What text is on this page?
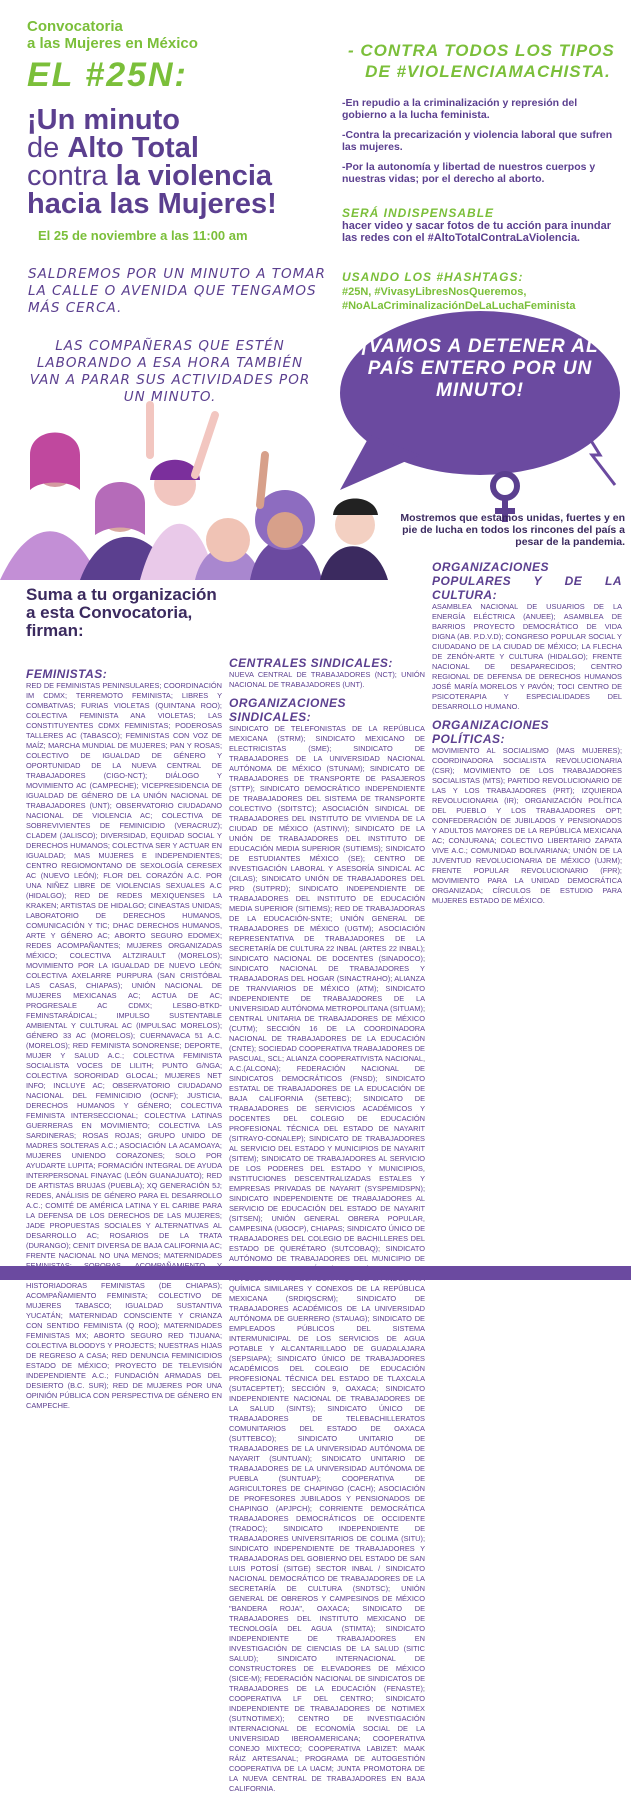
Convocatoria
a las Mujeres en México
EL #25N:
¡Un minuto
de Alto Total
contra la violencia
hacia las Mujeres!
El 25 de noviembre a las 11:00 am
- CONTRA TODOS LOS TIPOS
DE #VIOLENCIAMACHISTA.

-En repudio a la criminalización y represión del gobierno a la lucha feminista.

-Contra la precarización y violencia laboral que sufren las mujeres.

-Por la autonomía y libertad de nuestros cuerpos y nuestras vidas; por el derecho al aborto.

SERÁ INDISPENSABLE
hacer video y sacar fotos de tu acción para inundar las redes con el #AltoTotalContraLaViolencia.
USANDO LOS #HASHTAGS:
#25N, #VivasyLibresNosQueremos,
#NoALaCriminalizaciónDeLaLuchaFeminista
SALDREMOS POR UN MINUTO A TOMAR LA CALLE O AVENIDA QUE TENGAMOS MÁS CERCA.
LAS COMPAÑERAS QUE ESTÉN LABORANDO A ESA HORA TAMBIÉN VAN A PARAR SUS ACTIVIDADES POR UN MINUTO.
¡VAMOS A DETENER AL PAÍS ENTERO POR UN MINUTO!
Mostremos que estamos unidas, fuertes y en pie de lucha en todos los rincones del país a pesar de la pandemia.
Suma a tu organización a esta Convocatoria, firman:
FEMINISTAS:
RED DE FEMINISTAS PENINSULARES; COORDINACIÓN IM CDMX; TERREMOTO FEMINISTA; LIBRES Y COMBATIVAS; FURIAS VIOLETAS (QUINTANA ROO); COLECTIVA FEMINISTA ANA VIOLETAS; LAS CONSTITUYENTES CDMX FEMINISTAS; PODEROSAS TALLERES AC (TABASCO); FEMINISTAS CON VOZ DE MAÍZ; MARCHA MUNDIAL DE MUJERES; PAN Y ROSAS; COLECTIVO DE IGUALDAD DE GÉNERO Y OPORTUNIDAD DE LA NUEVA CENTRAL DE TRABAJADORES (CIGO-NCT); DIÁLOGO Y MOVIMIENTO AC (CAMPECHE); VICEPRESIDENCIA DE IGUALDAD DE GÉNERO DE LA UNIÓN NACIONAL DE TRABAJADORES (UNT); OBSERVATORIO CIUDADANO NACIONAL DE VIOLENCIA AC; COLECTIVA DE SOBREVIVIENTES DE FEMINICIDIO (VERACRUZ); CLADEM (JALISCO); DIVERSIDAD, EQUIDAD SOCIAL Y DERECHOS HUMANOS; COLECTIVA SER Y ACTUAR EN IGUALDAD; MAS MUJERES E INDEPENDIENTES; CENTRO REGIOMONTANO DE SEXOLOGÍA CERESEX AC (NUEVO LEÓN); FLOR DEL CORAZÓN A.C. POR UNA NIÑEZ LIBRE DE VIOLENCIAS SEXUALES A.C (HIDALGO); RED DE REDES MEXIQUENSES LA KRAKEN; ARTISTAS DE HIDALGO; CINEASTAS UNIDAS; LABORATORIO DE DERECHOS HUMANOS, COMUNICACIÓN Y TIC; DHAC DERECHOS HUMANOS, ARTE Y GÉNERO AC; ABORTO SEGURO EDOMEX; REDES ACOMPAÑANTES; MUJERES ORGANIZADAS MÉXICO; COLECTIVA ALTZIRAULT (MORELOS); MOVIMIENTO POR LA IGUALDAD DE NUEVO LEÓN; COLECTIVA AXELARRE PURPURA (SAN CRISTÓBAL LAS CASAS, CHIAPAS); UNIÓN NACIONAL DE MUJERES MEXICANAS AC; ACTUA DE AC; PROGRESALE AC CDMX; LESBO-BTKD-FEMINSTARÁDICAL; IMPULSO SUSTENTABLE AMBIENTAL Y CULTURAL AC (IMPULSAC MORELOS); GÉNERO 33 AC (MORELOS); CUERNAVACA 51 A.C. (MORELOS); RED FEMINISTA SONORENSE; DEPORTE, MUJER Y SALUD A.C.; COLECTIVA FEMINISTA SOCIALISTA VOCES DE LILITH; PUNTO G/NGA; COLECTIVA SORORIDAD GLOCAL; MUJERES NET INFO; INCLUYE AC; OBSERVATORIO CIUDADANO NACIONAL DEL FEMINICIDIO (OCNF); JUSTICIA, DERECHOS HUMANOS Y GÉNERO; COLECTIVA FEMINISTA INTERSECCIONAL; COLECTIVA LATINAS GUERRERAS EN MOVIMIENTO; COLECTIVA LAS SARDINERAS; ROSAS ROJAS; GRUPO UNIDO DE MADRES SOLTERAS A.C.; ASOCIACIÓN LA ACAMOAYA; MUJERES UNIENDO CORAZONES; SOLO POR AYUDARTE LUPITA; FORMACIÓN INTEGRAL DE AYUDA INTERPERSONAL FINAYAC (LEÓN GUANAJUATO); RED DE ARTISTAS BRUJAS (PUEBLA); XQ GENERACIÓN 5J; REDES, ANÁLISIS DE GÉNERO PARA EL DESARROLLO A.C.; COMITÉ DE AMÉRICA LATINA Y EL CARIBE PARA LA DEFENSA DE LOS DERECHOS DE LAS MUJERES; JADE PROPUESTAS SOCIALES Y ALTERNATIVAS AL DESARROLLO AC; ROSARIOS DE LA TRATA (DURANGO); CENIT DIVERSA DE BAJA CALIFORNIA AC; FRENTE NACIONAL NO UNA MENOS; MATERNIDADES HISTORIADORAS FEMINISTAS (DE CHIAPAS); ACOMPAÑAMIENTO FEMINISTA; COLECTIVO DE MUJERES TABASCO; IGUALDAD SUSTANTIVA YUCATÁN; MATERNIDAD CONSCIENTE Y CRIANZA CON SENTIDO FEMINISTA (Q ROO); MATERNIDADES FEMINISTAS MX; ABORTO SEGURO RED TIJUANA; COLECTIVA BLOODYS Y PROJECTS; NUESTRAS HIJAS DE REGRESO A CASA; RED DENUNCIA FEMINICIDIOS ESTADO DE MÉXICO; PROYECTO DE TELEVISIÓN INDEPENDIENTE A.C.; FUNDACIÓN ARMADAS DEL DESIERTO (B.C. SUR); RED DE MUJERES POR UNA OPINIÓN PÚBLICA CON PERSPECTIVA DE GÉNERO EN CAMPECHE.
CENTRALES SINDICALES:
NUEVA CENTRAL DE TRABAJADORES (NCT); UNIÓN NACIONAL DE TRABAJADORES (UNT).
ORGANIZACIONES SINDICALES:
SINDICATO DE TELEFONISTAS DE LA REPÚBLICA MEXICANA (STRM); SINDICATO MEXICANO DE ELECTRICISTAS (SME); SINDICATO DE TRABAJADORES DE LA UNIVERSIDAD NACIONAL AUTÓNOMA DE MÉXICO (STUNAM); SINDICATO DE TRABAJADORES DE TRANSPORTE DE PASAJEROS (STTP); SINDICATO DEMOCRÁTICO INDEPENDIENTE DE TRABAJADORES DEL SISTEMA DE TRANSPORTE COLECTIVO (SDITSTC); ASOCIACIÓN SINDICAL DE TRABAJADORES DEL INSTITUTO DE VIVIENDA DE LA CIUDAD DE MÉXICO (ASTINVI); SINDICATO DE LA UNIÓN DE TRABAJADORES DEL INSTITUTO DE EDUCACIÓN MEDIA SUPERIOR (SUTIEMS); SINDICATO DE ESTUDIANTES MÉXICO (SE); CENTRO DE INVESTIGACIÓN LABORAL Y ASESORÍA SINDICAL AC (CILAS); SINDICATO UNIÓN DE TRABAJADORES DEL PRD (SUTPRD); SINDICATO INDEPENDIENTE DE TRABAJADORES DEL INSTITUTO DE EDUCACIÓN MEDIA SUPERIOR (SITIEMS); RED DE TRABAJADORAS DE LA EDUCACIÓN-SNTE; UNIÓN GENERAL DE TRABAJADORES DE MÉXICO (UGTM); ASOCIACIÓN REPRESENTATIVA DE TRABAJADORES DE LA SECRETARÍA DE CULTURA 22 INBAL (ARTES 22 INBAL); SINDICATO NACIONAL DE DOCENTES (SINADOCO); SINDICATO NACIONAL DE TRABAJADORES Y TRABAJADORAS DEL HOGAR (SINACTRAHO); ALIANZA DE TRANVIARIOS DE MÉXICO (ATM); SINDICATO INDEPENDIENTE DE TRABAJADORES DE LA UNIVERSIDAD AUTÓNOMA METROPOLITANA (SITUAM); CENTRAL UNITARIA DE TRABAJADORES DE MÉXICO (CUTM); SECCIÓN 16 DE LA COORDINADORA NACIONAL DE TRABAJADORES DE LA EDUCACIÓN (CNTE); SOCIEDAD COOPERATIVA TRABAJADORES DE PASCUAL, SCL; ALIANZA COOPERATIVISTA NACIONAL, A.C.(ALCONA); FEDERACIÓN NACIONAL DE SINDICATOS DEMOCRÁTICOS (FNSD); SINDICATO ESTATAL DE TRABAJADORES DE LA EDUCACIÓN DE BAJA CALIFORNIA (SETEBC); SINDICATO DE TRABAJADORES DE SERVICIOS ACADÉMICOS Y DOCENTES DEL COLEGIO DE EDUCACIÓN PROFESIONAL TÉCNICA DEL ESTADO DE NAYARIT (SITRAYO-CONALEP); SINDICATO DE TRABAJADORES AL SERVICIO DEL ESTADO Y MUNICIPIOS DE NAYARIT (SITEM); SINDICATO DE TRABAJADORES AL SERVICIO DE LOS PODERES DEL ESTADO Y MUNICIPIOS, INSTITUCIONES DESCENTRALIZADAS ESTALES Y EMPRESAS PRIVADAS DE NAYARIT (SYSPEMIDSPN); SINDICATO INDEPENDIENTE DE TRABAJADORES AL SERVICIO DE EDUCACIÓN DEL ESTADO DE NAYARIT (SITSEN); UNIÓN GENERAL OBRERA POPULAR, CAMPESINA (UGOCP), CHIAPAS; SINDICATO ÚNICO DE TRABAJADORES DEL COLEGIO DE BACHILLERES DEL ESTADO DE QUERÉTARO (SUTCOBAQ); SINDICATO AUTÓNOMO DE TRABAJADORES DEL MUNICIPIO DE QUÍMICA SIMILARES Y CONEXOS DE LA REPÚBLICA MEXICANA (SRDIQSCRM); SINDICATO DE TRABAJADORES ACADÉMICOS DE LA UNIVERSIDAD AUTÓNOMA DE GUERRERO (STAUAG); SINDICATO DE EMPLEADOS PÚBLICOS DEL SISTEMA INTERMUNICIPAL DE LOS SERVICIOS DE AGUA POTABLE Y ALCANTARILLADO DE GUADALAJARA (SEPSIAPA); SINDICATO ÚNICO DE TRABAJADORES ACADÉMICOS DEL COLEGIO DE EDUCACIÓN PROFESIONAL TÉCNICA DEL ESTADO DE TLAXCALA (SUTACEPTET); SECCIÓN 9, OAXACA; SINDICATO INDEPENDIENTE NACIONAL DE TRABAJADORES DE LA SALUD (SINTS); SINDICATO ÚNICO DE TRABAJADORES DE TELEBACHILLERATOS COMUNITARIOS DEL ESTADO DE OAXACA (SUTTEBCO); SINDICATO UNITARIO DE TRABAJADORES DE LA UNIVERSIDAD AUTÓNOMA DE NAYARIT (SUNTUAN); SINDICATO UNITARIO DE TRABAJADORES DE LA UNIVERSIDAD AUTÓNOMA DE PUEBLA (SUNTUAP); COOPERATIVA DE AGRICULTORES DE CHAPINGO (CACH); ASOCIACIÓN DE PROFESORES JUBILADOS Y PENSIONADOS DE CHAPINGO (APJPCH); CORRIENTE DEMOCRÁTICA TRABAJADORES DEMOCRÁTICOS DE OCCIDENTE (TRADOC); SINDICATO INDEPENDIENTE DE TRABAJADORES UNIVERSITARIOS DE COLIMA (SITU); SINDICATO INDEPENDIENTE DE TRABAJADORES Y TRABAJADORAS DEL GOBIERNO DEL ESTADO DE SAN LUIS POTOSÍ (SITGE) SECTOR INBAL / SINDICATO NACIONAL DEMOCRÁTICO DE TRABAJADORES DE LA SECRETARÍA DE CULTURA (SNDTSC); UNIÓN GENERAL DE OBREROS Y CAMPESINOS DE MÉXICO "BANDERA ROJA", OAXACA; SINDICATO DE TRABAJADORES DEL INSTITUTO MEXICANO DE TECNOLOGÍA DEL AGUA (STIMTA); SINDICATO INDEPENDIENTE DE TRABAJADORES EN INVESTIGACIÓN DE CIENCIAS DE LA SALUD (SITIC SALUD); SINDICATO INTERNACIONAL DE CONSTRUCTORES DE ELEVADORES DE MÉXICO (SICE-M); FEDERACIÓN NACIONAL DE SINDICATOS DE TRABAJADORES DE LA EDUCACIÓN (FENASTE); COOPERATIVA LF DEL CENTRO; SINDICATO INDEPENDIENTE DE TRABAJADORES DE NOTIMEX (SUTNOTIMEX); CENTRO DE INVESTIGACIÓN INTERNACIONAL DE ECONOMÍA SOCIAL DE LA UNIVERSIDAD IBEROAMERICANA; COOPERATIVA CONEJO MIXTECO; COOPERATIVA LABIZET: MAAK RÁIZ ARTESANAL; PROGRAMA DE AUTOGESTIÓN COOPERATIVA DE LA UACM; JUNTA PROMOTORA DE LA NUEVA CENTRAL DE TRABAJADORES EN BAJA CALIFORNIA.
ORGANIZACIONES POPULARES Y DE LA CULTURA:
ASAMBLEA NACIONAL DE USUARIOS DE LA ENERGÍA ELÉCTRICA (ANUEE); ASAMBLEA DE BARRIOS PROYECTO DEMOCRÁTICO DE VIDA DIGNA (AB. P.D.V.D); CONGRESO POPULAR SOCIAL Y CIUDADANO DE LA CIUDAD DE MÉXICO; LA FLECHA DE ZENÓN-ARTE Y CULTURA (HIDALGO); FRENTE NACIONAL DE DESAPARECIDOS; CENTRO REGIONAL DE DEFENSA DE DERECHOS HUMANOS JOSÉ MARÍA MORELOS Y PAVÓN; TOCI CENTRO DE PSICOTERAPIA Y ESPECIALIDADES DEL DESARROLLO HUMANO.
ORGANIZACIONES POLÍTICAS:
MOVIMIENTO AL SOCIALISMO (MAS MUJERES); COORDINADORA SOCIALISTA REVOLUCIONARIA (CSR); MOVIMIENTO DE LOS TRABAJADORES SOCIALISTAS (MTS); PARTIDO REVOLUCIONARIO DE LAS Y LOS TRABAJADORES (PRT); IZQUIERDA REVOLUCIONARIA (IR); ORGANIZACIÓN POLÍTICA DEL PUEBLO Y LOS TRABAJADORES OPT; CONFEDERACIÓN DE JUBILADOS Y PENSIONADOS Y ADULTOS MAYORES DE LA REPÚBLICA MEXICANA AC; CONJURANA; COLECTIVO LIBERTARIO ZAPATA VIVE A.C.; COMUNIDAD BOLIVARIANA; UNIÓN DE LA JUVENTUD REVOLUCIONARIA DE MÉXICO (UJRM); FRENTE POPULAR REVOLUCIONARIO (FPR); MOVIMIENTO PARA LA UNIDAD DEMOCRÁTICA ORGANIZADA; CÍRCULOS DE ESTUDIO PARA MUJERES ESTADO DE MÉXICO.
